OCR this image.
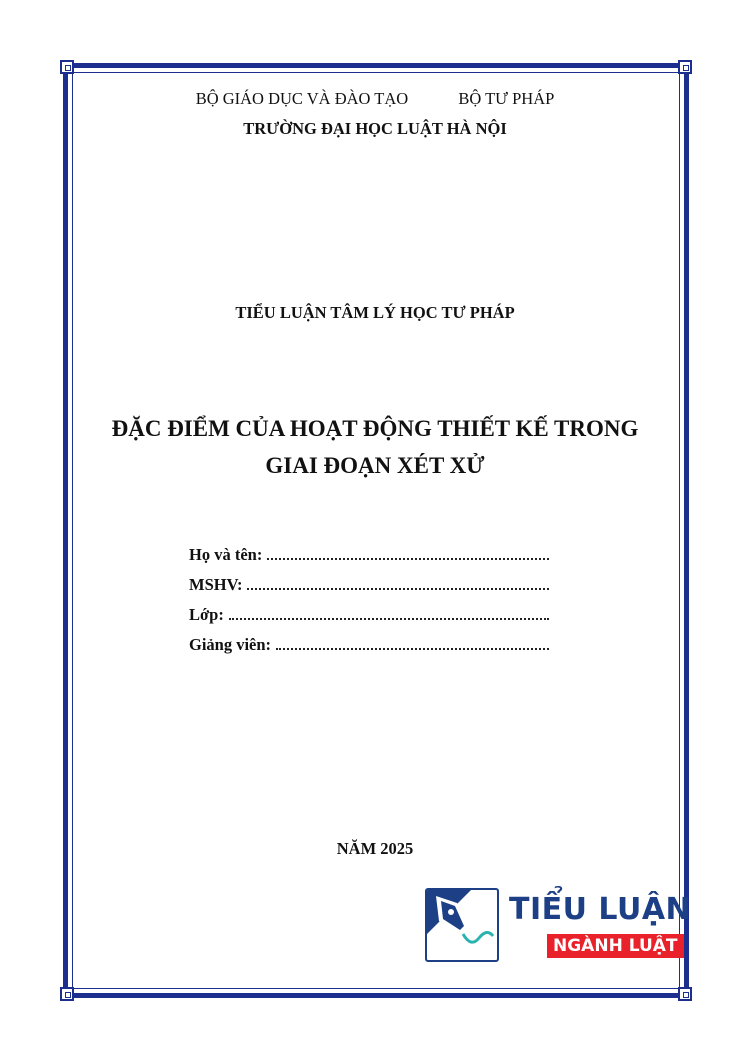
BỘ GIÁO DỤC VÀ ĐÀO TẠO	BỘ TƯ PHÁP
TRƯỜNG ĐẠI HỌC LUẬT HÀ NỘI
TIỂU LUẬN TÂM LÝ HỌC TƯ PHÁP
ĐẶC ĐIỂM CỦA HOẠT ĐỘNG THIẾT KẾ TRONG
GIAI ĐOẠN XÉT XỬ
Họ và tên:
MSHV:
Lớp:
Giảng viên:
NĂM 2025
TIỂU LUẬN
NGÀNH LUẬT
